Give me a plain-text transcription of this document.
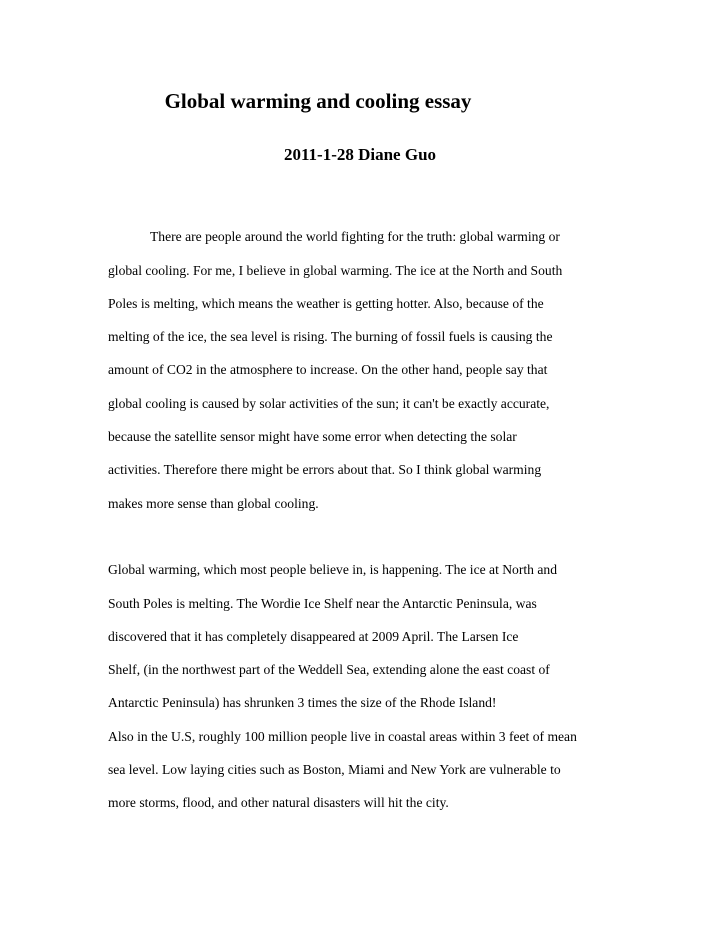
Global warming and cooling essay
2011-1-28 Diane Guo
There are people around the world fighting for the truth: global warming or
global cooling. For me, I believe in global warming. The ice at the North and South
Poles is melting, which means the weather is getting hotter. Also, because of the
melting of the ice, the sea level is rising. The burning of fossil fuels is causing the
amount of CO2 in the atmosphere to increase. On the other hand, people say that
global cooling is caused by solar activities of the sun; it can't be exactly accurate,
because the satellite sensor might have some error when detecting the solar
activities. Therefore there might be errors about that. So I think global warming
makes more sense than global cooling.
Global warming, which most people believe in, is happening. The ice at North and
South Poles is melting. The Wordie Ice Shelf near the Antarctic Peninsula, was
discovered that it has completely disappeared at 2009 April. The Larsen Ice
Shelf, (in the northwest part of the Weddell Sea, extending alone the east coast of
Antarctic Peninsula) has shrunken 3 times the size of the Rhode Island!
Also in the U.S, roughly 100 million people live in coastal areas within 3 feet of mean
sea level. Low laying cities such as Boston, Miami and New York are vulnerable to
more storms, flood, and other natural disasters will hit the city.
